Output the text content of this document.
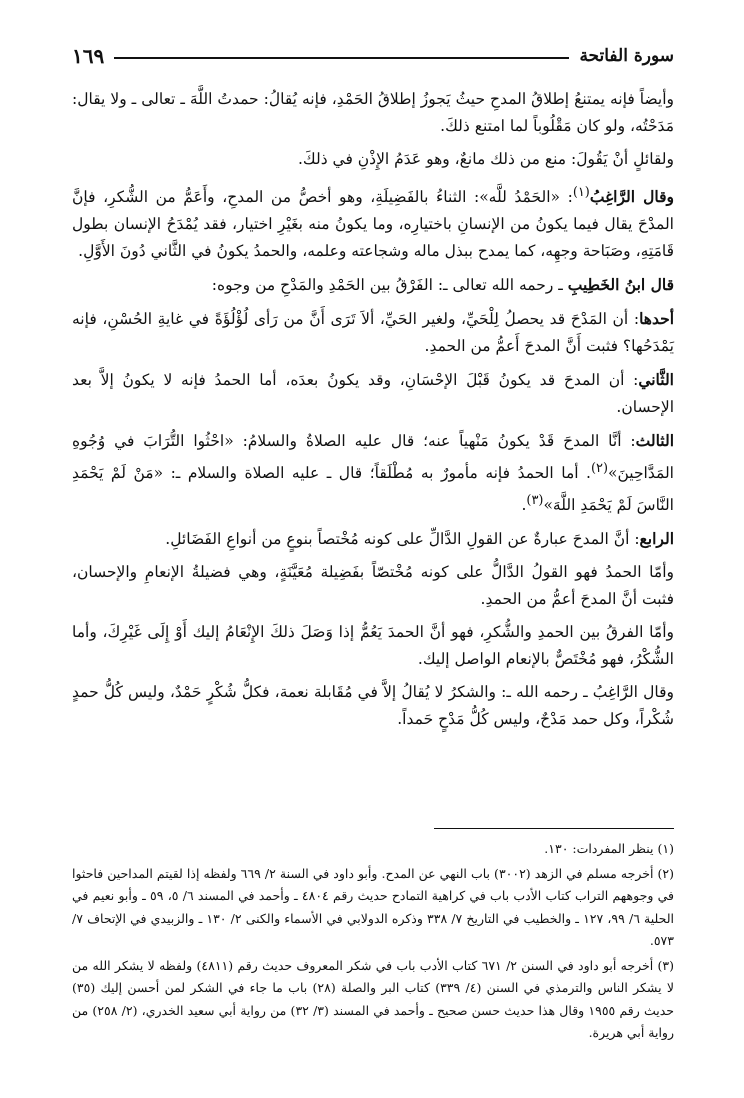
سورة الفاتحة
١٦٩

وأيضاً فإنه يمتنعُ إطلاقُ المدحِ حيثُ يَجوزُ إطلاقُ الحَمْدِ، فإنه يُقالُ: حمدتُ اللَّهَ ـ تعالى ـ ولا يقال: مَدَحْتُه، ولو كان مَقْلُوباً لما امتنع ذلكَ.

ولقائلٍ أنْ يَقُولَ: منع من ذلك مانعٌ، وهو عَدَمُ الإِذْنِ في ذلكَ.

وقال الرَّاغِبُ$^{(١)}$: «الحَمْدُ للَّه»: الثناءُ بالفَضِيلَةِ، وهو أخصُّ من المدحِ، وأَعَمُّ من الشُّكرِ، فإنَّ المدْحَ يقال فيما يكونُ من الإنسانِ باختيارِه، وما يكونُ منه بغَيْرِ اختيار، فقد يُمْدَحُ الإنسان بطول قَامَتِهِ، وصَبَاحة وجهِه، كما يمدح ببذل ماله وشجاعته وعلمه، والحمدُ يكونُ في الثَّاني دُونَ الأَوَّلِ.

قال ابنُ الخَطِيبِ ـ رحمه الله تعالى ـ: الفَرْقُ بين الحَمْدِ والمَدْحِ من وجوه:

أحدها: أن المَدْحَ قد يحصلُ لِلْحَيِّ، ولغير الحَيِّ، ألاَ تَرَى أَنَّ من رَأى لُؤْلُؤَةً في غايةِ الحُسْنِ، فإنه يَمْدَحُها؟ فثبت أَنَّ المدحَ أَعمُّ من الحمدِ.

الثَّاني: أن المدحَ قد يكونُ قَبْلَ الإحْسَانِ، وقد يكونُ بعدَه، أما الحمدُ فإنه لا يكونُ إلاَّ بعد الإحسان.

الثالث: أنَّا المدحَ قَدْ يكونُ مَنْهياً عنه؛ قال عليه الصلاةُ والسلامُ: «احْثُوا التُّرَابَ في وُجُوهِ المَدَّاحِينَ»$^{(٢)}$. أما الحمدُ فإنه مأمورٌ به مُطْلَقاً؛ قال ـ عليه الصلاة والسلام ـ: «مَنْ لَمْ يَحْمَدِ النَّاسَ لَمْ يَحْمَدِ اللَّهَ»$^{(٣)}$.

الرابع: أنَّ المدحَ عبارةٌ عن القولِ الدَّالِّ على كونه مُخْتصاً بنوعٍ من أنواعِ الفَضَائلِ.

وأمّا الحمدُ فهو القولُ الدَّالُّ على كونه مُخْتصّاً بفَضِيلة مُعَيَّنَةٍ، وهي فضيلةُ الإنعامِ والإحسان، فثبت أنَّ المدحَ أعمُّ من الحمدِ.

وأمّا الفرقُ بين الحمدِ والشُّكرِ، فهو أنَّ الحمدَ يَعُمُّ إذا وَصَلَ ذلكَ الإِنْعَامُ إليك أَوْ إِلَى غَيْرِكَ، وأما الشُّكْرُ، فهو مُخْتَصٌّ بالإنعام الواصل إليك.

وقال الرَّاغِبُ ـ رحمه الله ـ: والشكرُ لا يُقالُ إلاَّ في مُقَابلة نعمة، فكلُّ شُكْرٍ حَمْدٌ، وليس كُلُّ حمدٍ شُكْراً، وكل حمد مَدْحٌ، وليس كُلُّ مَدْحٍ حَمداً.

(١) ينظر المفردات: ١٣٠.

(٢) أخرجه مسلم في الزهد (٣٠٠٢) باب النهي عن المدح. وأبو داود في السنة ٢/ ٦٦٩ ولفظه إذا لقيتم المداحين فاحثوا في وجوههم التراب كتاب الأدب باب في كراهية التمادح حديث رقم ٤٨٠٤ ـ وأحمد في المسند ٦/ ٥، ٥٩ ـ وأبو نعيم في الحلية ٦/ ٩٩، ١٢٧ ـ والخطيب في التاريخ ٧/ ٣٣٨ وذكره الدولابي في الأسماء والكنى ٢/ ١٣٠ ـ والزبيدي في الإتحاف ٧/ ٥٧٣.

(٣) أخرجه أبو داود في السنن ٢/ ٦٧١ كتاب الأدب باب في شكر المعروف حديث رقم (٤٨١١) ولفظه لا يشكر الله من لا يشكر الناس والترمذي في السنن (٤/ ٣٣٩) كتاب البر والصلة (٢٨) باب ما جاء في الشكر لمن أحسن إليك (٣٥) حديث رقم ١٩٥٥ وقال هذا حديث حسن صحيح ـ وأحمد في المسند (٣/ ٣٢) من رواية أبي سعيد الخدري، (٢/ ٢٥٨) من رواية أبي هريرة.
